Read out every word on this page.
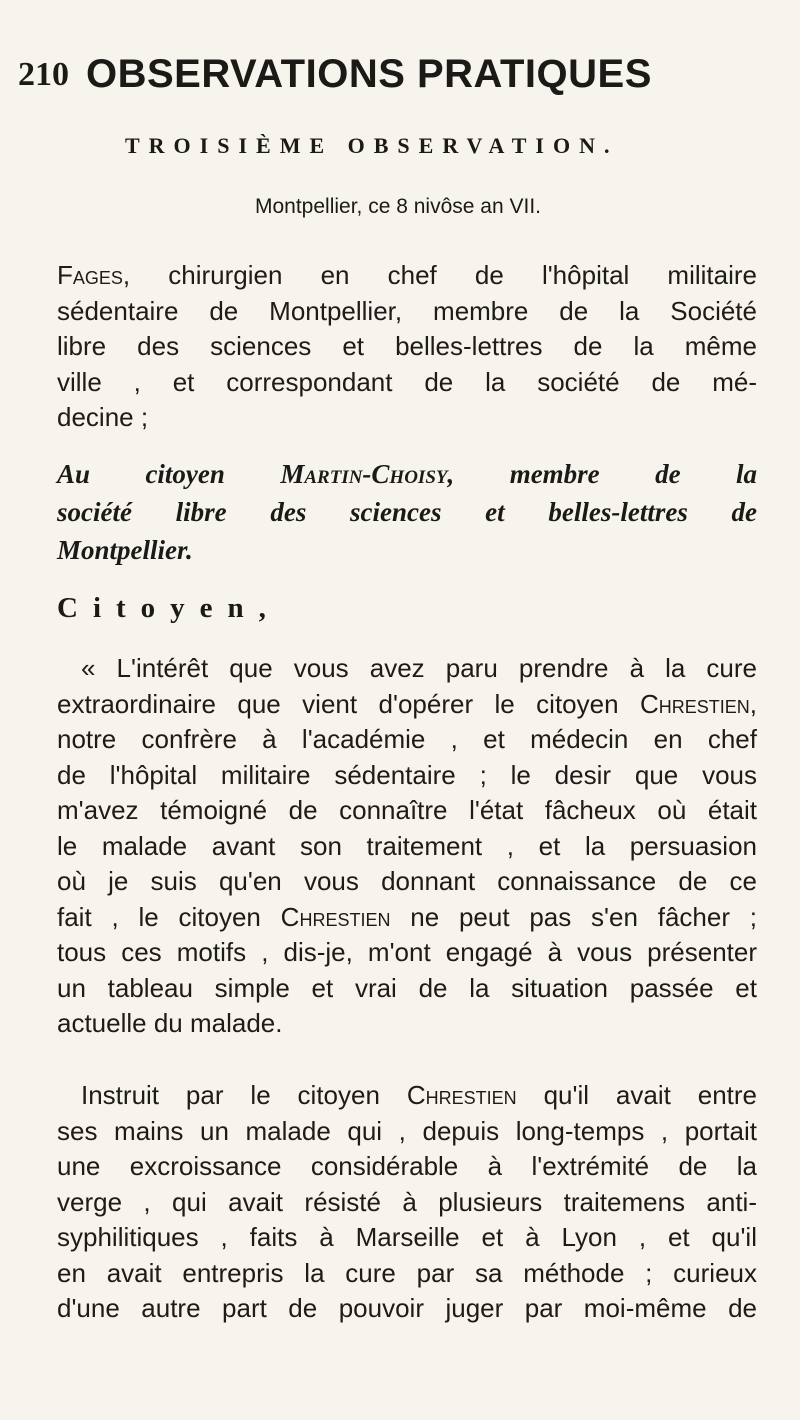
210 OBSERVATIONS PRATIQUES
TROISIÈME OBSERVATION.
Montpellier, ce 8 nivôse an VII.
Fages, chirurgien en chef de l'hôpital militaire
sédentaire de Montpellier, membre de la Société
libre des sciences et belles-lettres de la même
ville , et correspondant de la société de mé-
decine ;
Au citoyen Martin-Choisy, membre de la
société libre des sciences et belles-lettres de
Montpellier.
Citoyen,
« L'intérêt que vous avez paru prendre à la cure
extraordinaire que vient d'opérer le citoyen Chrestien,
notre confrère à l'académie , et médecin en chef
de l'hôpital militaire sédentaire ; le desir que vous
m'avez témoigné de connaître l'état fâcheux où était
le malade avant son traitement , et la persuasion
où je suis qu'en vous donnant connaissance de ce
fait , le citoyen Chrestien ne peut pas s'en fâcher ;
tous ces motifs , dis-je, m'ont engagé à vous présenter
un tableau simple et vrai de la situation passée et
actuelle du malade.
Instruit par le citoyen Chrestien qu'il avait entre
ses mains un malade qui , depuis long-temps , portait
une excroissance considérable à l'extrémité de la
verge , qui avait résisté à plusieurs traitemens anti-
syphilitiques , faits à Marseille et à Lyon , et qu'il
en avait entrepris la cure par sa méthode ; curieux
d'une autre part de pouvoir juger par moi-même de
